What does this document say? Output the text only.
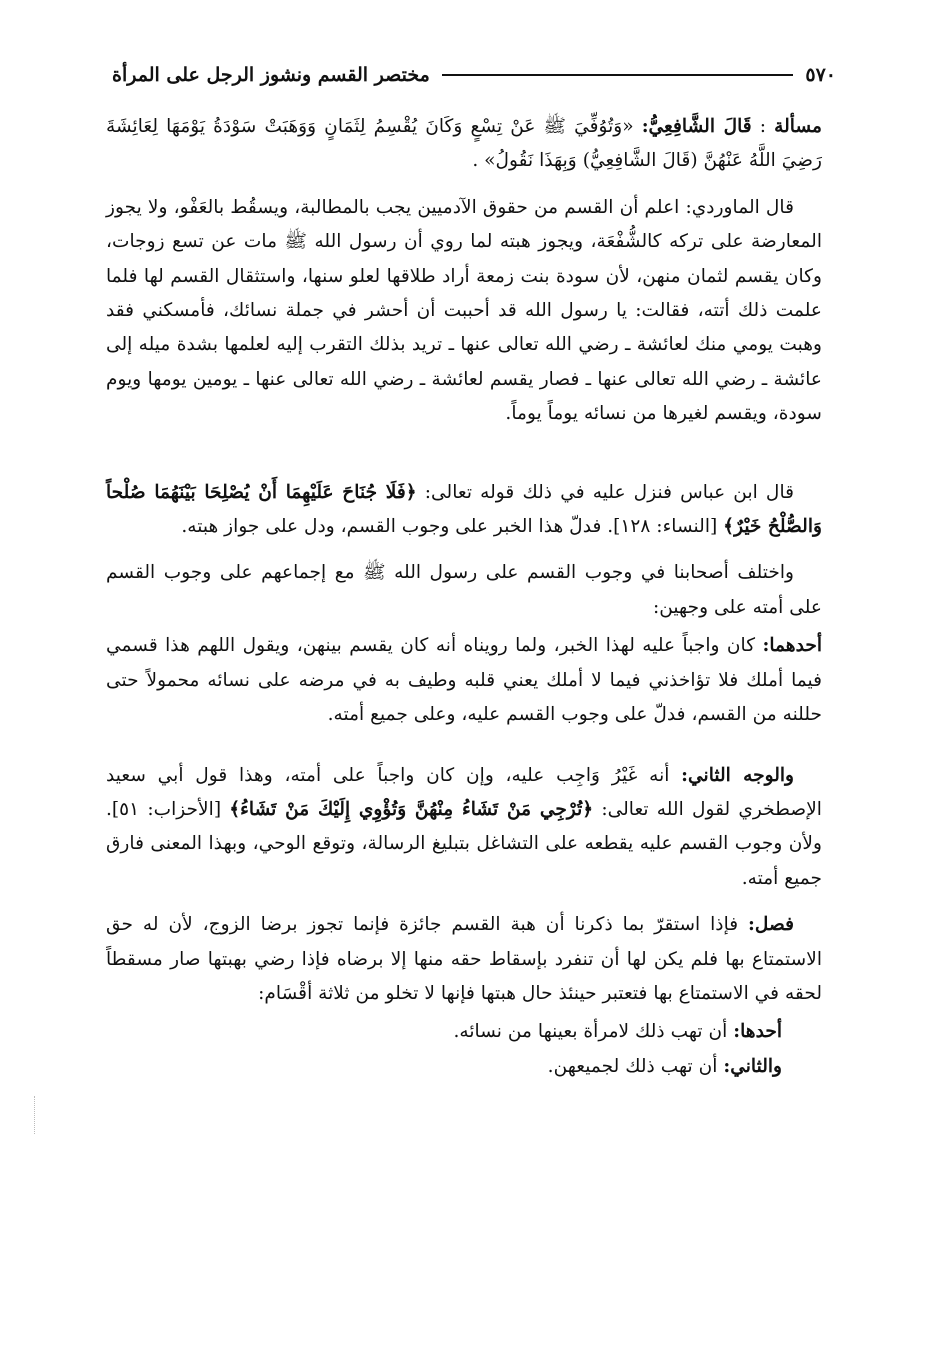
٥٧٠
مختصر القسم ونشوز الرجل على المرأة

مسألة : قَالَ الشَّافِعِيُّ: «وَتُوُفِّيَ ﷺ عَنْ تِسْعٍ وَكَانَ يُقْسِمُ لِثَمَانٍ وَوَهَبَتْ سَوْدَةُ يَوْمَهَا لِعَائِشَةَ رَضِيَ اللَّهُ عَنْهُنَّ (قَالَ الشَّافِعِيُّ) وَبِهَذَا نَقُولُ» .

قال الماوردي: اعلم أن القسم من حقوق الآدميين يجب بالمطالبة، ويسقُط بالعَفْو، ولا يجوز المعارضة على تركه كالشُّفْعَة، ويجوز هبته لما روي أن رسول الله ﷺ مات عن تسع زوجات، وكان يقسم لثمان منهن، لأن سودة بنت زمعة أراد طلاقها لعلو سنها، واستثقال القسم لها فلما علمت ذلك أتته، فقالت: يا رسول الله قد أحببت أن أحشر في جملة نسائك، فأمسكني فقد وهبت يومي منك لعائشة ـ رضي الله تعالى عنها ـ تريد بذلك التقرب إليه لعلمها بشدة ميله إلى عائشة ـ رضي الله تعالى عنها ـ فصار يقسم لعائشة ـ رضي الله تعالى عنها ـ يومين يومها ويوم سودة، ويقسم لغيرها من نسائه يوماً يوماً.

قال ابن عباس فنزل عليه في ذلك قوله تعالى: ﴿فَلَا جُنَاحَ عَلَيْهِمَا أَنْ يُصْلِحَا بَيْنَهُمَا صُلْحاً وَالصُّلْحُ خَيْرٌ﴾ [النساء: ١٢٨]. فدلّ هذا الخبر على وجوب القسم، ودل على جواز هبته.

واختلف أصحابنا في وجوب القسم على رسول الله ﷺ مع إجماعهم على وجوب القسم على أمته على وجهين:

أحدهما: كان واجباً عليه لهذا الخبر، ولما رويناه أنه كان يقسم بينهن، ويقول اللهم هذا قسمي فيما أملك فلا تؤاخذني فيما لا أملك يعني قلبه وطيف به في مرضه على نسائه محمولاً حتى حللنه من القسم، فدلّ على وجوب القسم عليه، وعلى جميع أمته.

والوجه الثاني: أنه غَيْرُ وَاجِب عليه، وإن كان واجباً على أمته، وهذا قول أبي سعيد الإصطخري لقول الله تعالى: ﴿تُرْجِي مَنْ تَشَاءُ مِنْهُنَّ وَتُؤْوِي إِلَيْكَ مَنْ تَشَاءُ﴾ [الأحزاب: ٥١]. ولأن وجوب القسم عليه يقطعه على التشاغل بتبليغ الرسالة، وتوقع الوحي، وبهذا المعنى فارق جميع أمته.

فصل: فإذا استقرّ بما ذكرنا أن هبة القسم جائزة فإنما تجوز برضا الزوج، لأن له حق الاستمتاع بها فلم يكن لها أن تنفرد بإسقاط حقه منها إلا برضاه فإذا رضي بهبتها صار مسقطاً لحقه في الاستمتاع بها فتعتبر حينئذ حال هبتها فإنها لا تخلو من ثلاثة أقْسَام:

أحدها: أن تهب ذلك لامرأة بعينها من نسائه.

والثاني: أن تهب ذلك لجميعهن.
